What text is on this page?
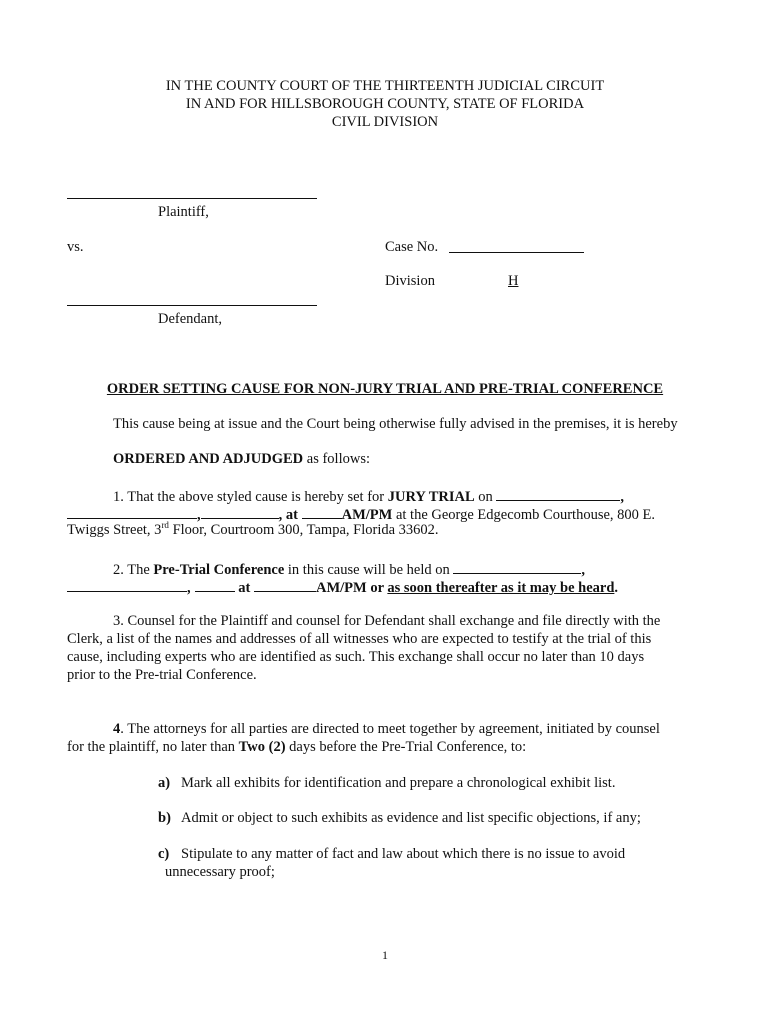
IN THE COUNTY COURT OF THE THIRTEENTH JUDICIAL CIRCUIT
IN AND FOR HILLSBOROUGH COUNTY, STATE OF FLORIDA
CIVIL DIVISION
Plaintiff,
vs.	Case No.
Division	H
Defendant,
ORDER SETTING CAUSE FOR NON-JURY TRIAL AND PRE-TRIAL CONFERENCE
This cause being at issue and the Court being otherwise fully advised in the premises, it is hereby
ORDERED AND ADJUDGED as follows:
1. That the above styled cause is hereby set for JURY TRIAL on	,
,	, at	AM/PM at the George Edgecomb Courthouse, 800 E.
Twiggs Street, 3rd Floor, Courtroom 300, Tampa, Florida 33602.
2. The Pre-Trial Conference in this cause will be held on	,
,	at	AM/PM or as soon thereafter as it may be heard.
3. Counsel for the Plaintiff and counsel for Defendant shall exchange and file directly with the
Clerk, a list of the names and addresses of all witnesses who are expected to testify at the trial of this
cause, including experts who are identified as such. This exchange shall occur no later than 10 days
prior to the Pre-trial Conference.
4. The attorneys for all parties are directed to meet together by agreement, initiated by counsel
for the plaintiff, no later than Two (2) days before the Pre-Trial Conference, to:
a) Mark all exhibits for identification and prepare a chronological exhibit list.
b) Admit or object to such exhibits as evidence and list specific objections, if any;
c) Stipulate to any matter of fact and law about which there is no issue to avoid
unnecessary proof;
1
